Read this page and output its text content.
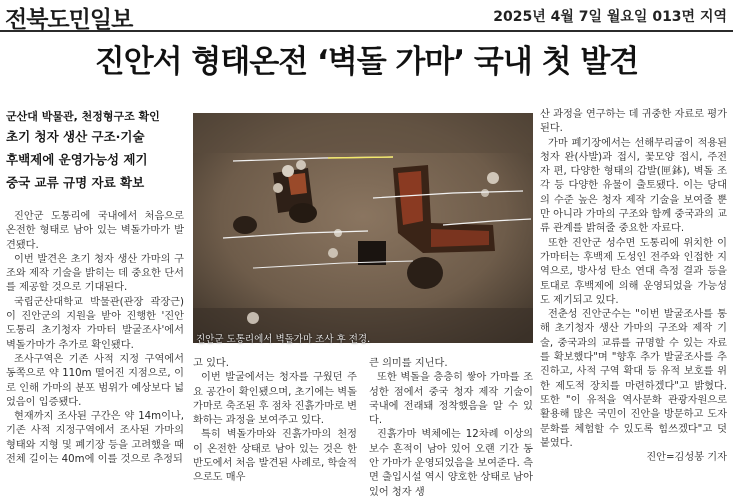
전북도민일보	2025년 4월 7일 월요일 013면 지역
진안서 형태온전 ‘벽돌 가마’ 국내 첫 발견
군산대 박물관, 천정형구조 확인
초기 청자 생산 구조·기술
후백제에 운영가능성 제기
중국 교류 규명 자료 확보
진안군 도통리에서 벽돌가마 조사 후 전경.

진안군 도통리에 국내에서 처음으로 온전한 형태로 남아 있는 벽돌가마가 발견됐다.

이번 발견은 초기 청자 생산 가마의 구조와 제작 기술을 밝히는 데 중요한 단서를 제공할 것으로 기대된다.

국립군산대학교 박물관(관장 곽장근)이 진안군의 지원을 받아 진행한 '진안 도통리 초기청자 가마터 발굴조사'에서 벽돌가마가 추가로 확인됐다.

조사구역은 기존 사적 지정 구역에서 동쪽으로 약 110m 떨어진 지점으로, 이로 인해 가마의 분포 범위가 예상보다 넓었음이 입증됐다.

현재까지 조사된 구간은 약 14m이나, 기존 사적 지정구역에서 조사된 가마의 형태와 지형 및 폐기장 등을 고려했을 때 전체 길이는 40m에 이를 것으로 추정되

고 있다.

이번 발굴에서는 청자를 구웠던 주요 공간이 확인됐으며, 초기에는 벽돌가마로 축조된 후 점차 진흙가마로 변화하는 과정을 보여주고 있다.

특히 벽돌가마와 진흙가마의 천정이 온전한 상태로 남아 있는 것은 한반도에서 처음 발견된 사례로, 학술적으로도 매우

큰 의미를 지닌다.

또한 벽돌을 층층히 쌓아 가마를 조성한 점에서 중국 청자 제작 기술이 국내에 전래돼 정착했음을 알 수 있다.

진흙가마 벽체에는 12차례 이상의 보수 흔적이 남아 있어 오랜 기간 동안 가마가 운영되었음을 보여준다. 측면 출입시설 역시 양호한 상태로 남아 있어 청자 생

산 과정을 연구하는 데 귀중한 자료로 평가된다.

가마 폐기장에서는 선해무리굽이 적용된 청자 완(사발)과 접시, 꽃모양 접시, 주전자 편, 다양한 형태의 갑발(匣鉢), 벽돌 조각 등 다양한 유물이 출토됐다. 이는 당대의 수준 높은 청자 제작 기술을 보여줄 뿐만 아니라 가마의 구조와 함께 중국과의 교류 관계를 밝혀줄 중요한 자료다.

또한 진안군 성수면 도통리에 위치한 이 가마터는 후백제 도성인 전주와 인접한 지역으로, 방사성 탄소 연대 측정 결과 등을 토대로 후백제에 의해 운영되었을 가능성도 제기되고 있다.

전춘성 진안군수는 "이번 발굴조사를 통해 초기청자 생산 가마의 구조와 제작 기술, 중국과의 교류를 규명할 수 있는 자료를 확보했다"며 "향후 추가 발굴조사를 추진하고, 사적 구역 확대 등 유적 보호를 위한 제도적 장치를 마련하겠다"고 밝혔다. 또한 "이 유적을 역사문화 관광자원으로 활용해 많은 국민이 진안을 방문하고 도자문화를 체험할 수 있도록 힘쓰겠다"고 덧붙였다.

진안=김성봉 기자
